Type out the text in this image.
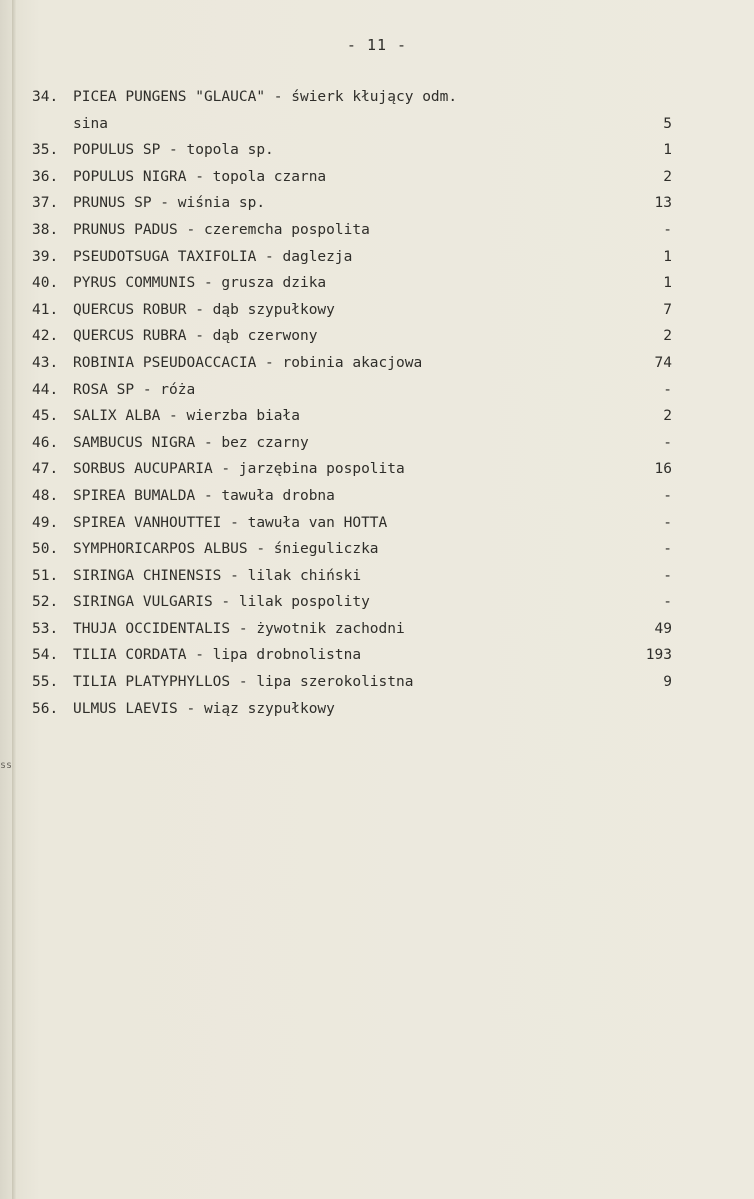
ss
- 11 -
34.	PICEA PUNGENS "GLAUCA" - świerk kłujący odm.
sina	5
35.	POPULUS SP - topola sp.	1
36.	POPULUS NIGRA - topola czarna	2
37.	PRUNUS SP - wiśnia sp.	13
38.	PRUNUS PADUS - czeremcha pospolita	-
39.	PSEUDOTSUGA TAXIFOLIA - daglezja	1
40.	PYRUS COMMUNIS - grusza dzika	1
41.	QUERCUS ROBUR - dąb szypułkowy	7
42.	QUERCUS RUBRA - dąb czerwony	2
43.	ROBINIA PSEUDOACCACIA - robinia akacjowa	74
44.	ROSA SP - róża	-
45.	SALIX ALBA - wierzba biała	2
46.	SAMBUCUS NIGRA - bez czarny	-
47.	SORBUS AUCUPARIA - jarzębina pospolita	16
48.	SPIREA BUMALDA - tawuła drobna	-
49.	SPIREA VANHOUTTEI - tawuła van HOTTA	-
50.	SYMPHORICARPOS ALBUS - śnieguliczka	-
51.	SIRINGA CHINENSIS - lilak chiński	-
52.	SIRINGA VULGARIS - lilak pospolity	-
53.	THUJA OCCIDENTALIS - żywotnik zachodni	49
54.	TILIA CORDATA - lipa drobnolistna	193
55.	TILIA PLATYPHYLLOS - lipa szerokolistna	9
56.	ULMUS LAEVIS - wiąz szypułkowy
